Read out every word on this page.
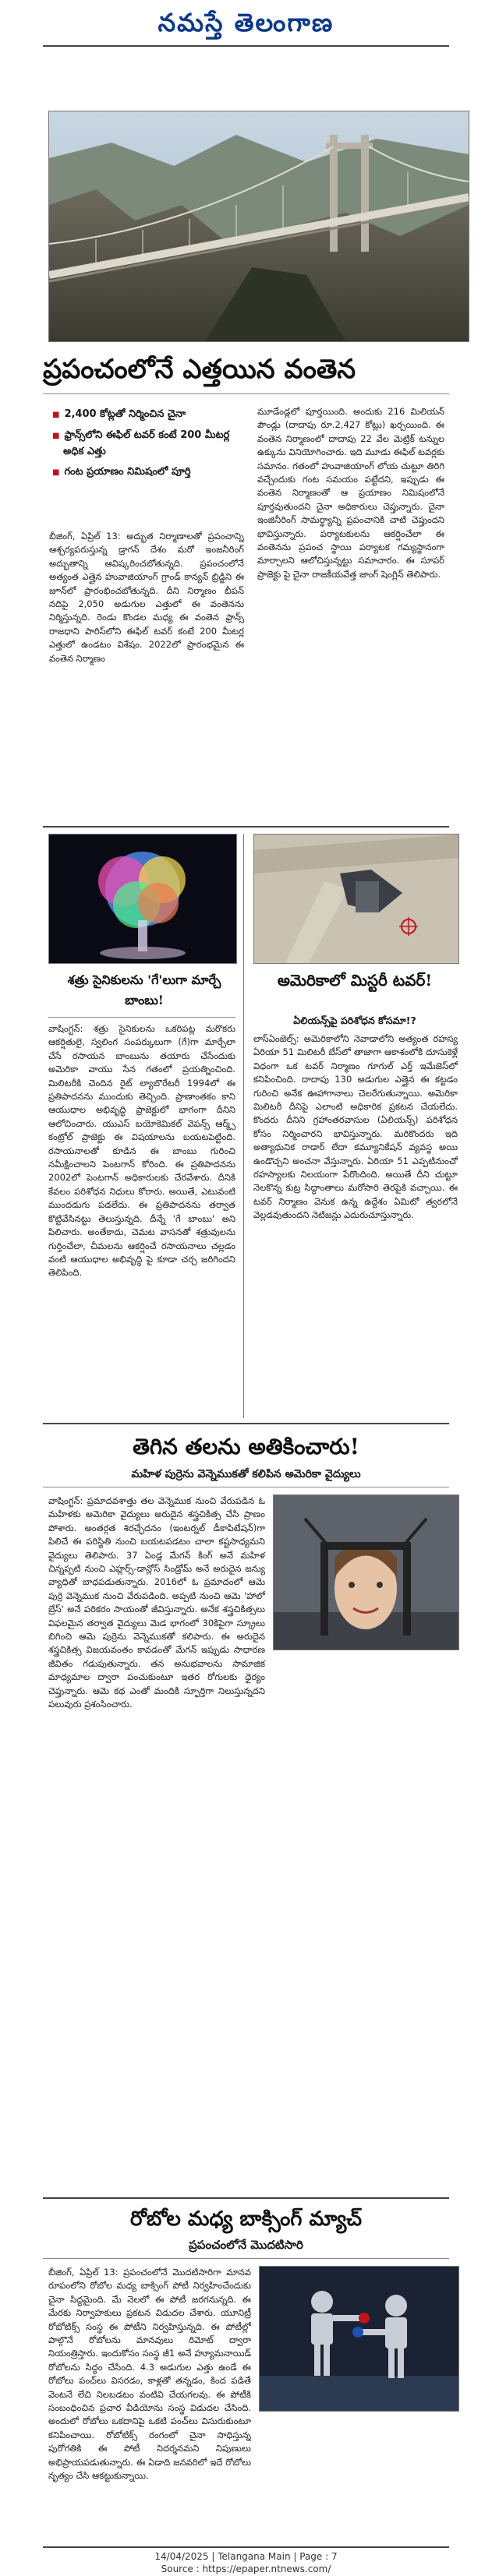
నమస్తే తెలంగాణ
ప్రపంచంలోనే ఎత్తయిన వంతెన
■ 2,400 కోట్లతో నిర్మించిన చైనా
■ ఫ్రాన్స్‌లోని ఈఫిల్ టవర్ కంటే 200 మీటర్ల అధిక ఎత్తు
■ గంట ప్రయాణం నిమిషంలో పూర్తి
బీజింగ్, ఏప్రిల్ 13: అద్భుత నిర్మాణాలతో ప్రపంచాన్ని ఆశ్చర్యపరుస్తున్న డ్రాగన్ దేశం మరో ఇంజనీరింగ్ అద్భుతాన్ని ఆవిష్కరించబోతున్నది. ప్రపంచంలోనే అత్యంత ఎత్తైన హువాజియాంగ్ గ్రాండ్ కాన్యన్ బ్రిడ్జిని ఈ జూన్‌లో ప్రారంభించబోతున్నది. దీని నిర్మాణం బీపన్ నదిపై 2,050 అడుగుల ఎత్తులో ఈ వంతెనను నిర్మిస్తున్నది. రెండు కొండల మధ్య ఈ వంతెన ఫ్రాన్స్ రాజధాని పారిస్‌లోని ఈఫిల్ టవర్ కంటే 200 మీటర్ల ఎత్తులో ఉండటం విశేషం. 2022లో ప్రారంభమైన ఈ వంతెన నిర్మాణం
మూడేండ్లలో పూర్తయింది. అందుకు 216 మిలియన్ పౌండ్లు (దాదాపు రూ.2,427 కోట్లు) ఖర్చయింది. ఈ వంతెన నిర్మాణంలో దాదాపు 22 వేల మెట్రిక్ టన్నుల ఉక్కును వినియోగించారు. ఇది మూడు ఈఫిల్ టవర్లకు సమానం. గతంలో హువాజియాంగ్ లోయ చుట్టూ తిరిగి వచ్చేందుకు గంట సమయం పట్టేదని, ఇప్పుడు ఈ వంతెన నిర్మాణంతో ఆ ప్రయాణం నిమిషంలోనే పూర్తవుతుందని చైనా అధికారులు చెప్తున్నారు. చైనా ఇంజినీరింగ్ సామర్థ్యాన్ని ప్రపంచానికి చాటి చెప్తుందని భావిస్తున్నారు. పర్యాటకులను ఆకర్షించేలా ఈ వంతెనను ప్రపంచ స్థాయి పర్యాటక గమ్యస్థానంగా మార్చాలని ఆలోచిస్తున్నట్టు సమాచారం. ఈ సూపర్ ప్రాజెక్టు పై చైనా రాజకీయవేత్త జాంగ్ షెంగ్లిన్ తెలిపారు.
శత్రు సైనికులను 'గే'లుగా మార్చే బాంబు!
వాషింగ్టన్: శత్రు సైనికులను ఒకరిపట్ల మరొకరు ఆకర్షితులై, స్వలింగ సంపర్కులుగా (గే)గా మార్చేలా చేసే రసాయన బాంబును తయారు చేసేందుకు అమెరికా వాయు సేన గతంలో ప్రయత్నించింది. మిలిటరీకి చెందిన రైట్ ల్యాబొరేటరీ 1994లో ఈ ప్రతిపాదనను ముందుకు తెచ్చింది. ప్రాణాంతకం కాని ఆయుధాల అభివృద్ధి ప్రాజెక్టులో భాగంగా దీనిని ఆలోచించారు. యుఎస్ బయోకెమికల్ వెపన్స్ ఆర్మ్స్ కంట్రోల్ ప్రాజెక్టు ఈ విషయాలను బయటపెట్టింది. రసాయనాలతో కూడిన ఈ బాంబు గురించి నమీక్షించాలని పెంటగాన్ కోరింది. ఈ ప్రతిపాదనను 2002లో పెంటగాన్ అధికారులకు చేరవేశారు. దీనికి కేవలం పరిశోధన నిధులు కోరారు. అయితే, ఎటువంటి ముందడుగు పడలేదు. ఈ ప్రతిపాదనను తర్వాత కొట్టివేసినట్టు తెలుస్తున్నది. దీన్నే 'గే బాంబు' అని పిలిచారు. అంతేకాదు, చెమట వాసనతో శత్రువులను గుర్తించేలా, చీమలను ఆకర్షించే రసాయనాలు చల్లడం వంటి ఆయుధాల అభివృద్ధి పై కూడా చర్చ జరిగిందని తెలిపింది.
అమెరికాలో మిస్టరీ టవర్!
ఏలియన్స్‌పై పరిశోధన కోసమా!?
లాస్ఏంజెల్స్: అమెరికాలోని నెవాడాలోని అత్యంత రహస్య ఏరియా 51 మిలిటరీ బేస్‌లో తాజాగా ఆకాశంలోకి దూసుకెళ్లే విధంగా ఒక టవర్ నిర్మాణం గూగుల్ ఎర్త్ ఇమేజెస్‌లో కనిపించింది. దాదాపు 130 అడుగుల ఎత్తైన ఈ కట్టడం గురించి అనేక ఊహాగానాలు చెలరేగుతున్నాయి. అమెరికా మిలిటరీ దీనిపై ఎలాంటి అధికారిక ప్రకటన చేయలేదు. కొందరు దీనిని గ్రహాంతరవాసుల (ఏలియన్స్) పరిశోధన కోసం నిర్మించారని భావిస్తున్నారు. మరికొందరు ఇది అత్యాధునిక రాడార్ లేదా కమ్యూనికేషన్ వ్యవస్థ అయి ఉండొచ్చని అంచనా వేస్తున్నారు. ఏరియా 51 ఎప్పటినుంచో రహస్యాలకు నిలయంగా పేరొందింది. అయితే దీని చుట్టూ నెలకొన్న కుట్ర సిద్ధాంతాలు మరోసారి తెరపైకి వచ్చాయి. ఈ టవర్ నిర్మాణం వెనుక ఉన్న ఉద్దేశం ఏమిటో త్వరలోనే వెల్లడవుతుందని నెటిజన్లు ఎదురుచూస్తున్నారు.
తెగిన తలను అతికించారు!
మహిళ పుర్రెను వెన్నెముకతో కలిపిన అమెరికా వైద్యులు
వాషింగ్టన్: ప్రమాదవశాత్తు తల వెన్నెముక నుంచి వేరుపడిన ఓ మహిళకు అమెరికా వైద్యులు అరుదైన శస్త్రచికిత్స చేసి ప్రాణం పోశారు. అంతర్గత శిరచ్ఛేదనం (ఇంటర్నల్ డీకాపిటేషన్)గా పిలిచే ఈ పరిస్థితి నుంచి బయటపడటం చాలా కష్టసాధ్యమని వైద్యులు తెలిపారు. 37 ఏండ్ల మేగన్ కింగ్ అనే మహిళ చిన్నప్పటి నుంచి ఎహ్లర్స్-డాన్లోస్ సిండ్రోమ్ అనే అరుదైన జన్యు వ్యాధితో బాధపడుతున్నారు. 2016లో ఓ ప్రమాదంలో ఆమె పుర్రె వెన్నెముక నుంచి వేరుపడింది. అప్పటి నుంచి ఆమె 'హాలో బ్రేస్' అనే పరికరం సాయంతో జీవిస్తున్నారు. అనేక శస్త్రచికిత్సలు విఫలమైన తర్వాత వైద్యులు మెడ భాగంలో 30కిపైగా స్క్రూలు బిగించి ఆమె పుర్రెను వెన్నెముకతో కలిపారు. ఈ అరుదైన శస్త్రచికిత్స విజయవంతం కావడంతో మేగన్ ఇప్పుడు సాధారణ జీవితం గడుపుతున్నారు. తన అనుభవాలను సామాజిక మాధ్యమాల ద్వారా పంచుకుంటూ ఇతర రోగులకు ధైర్యం చెప్తున్నారు. ఆమె కథ ఎంతో మందికి స్ఫూర్తిగా నిలుస్తున్నదని పలువురు ప్రశంసించారు.
రోబోల మధ్య బాక్సింగ్ మ్యాచ్
ప్రపంచంలోనే మొదటిసారి
బీజింగ్, ఏప్రిల్ 13: ప్రపంచంలోనే మొదటిసారిగా మానవ రూపంలోని రోబోల మధ్య బాక్సింగ్ పోటీ నిర్వహించేందుకు చైనా సిద్ధమైంది. మే నెలలో ఈ పోటీ జరగనున్నది. ఈ మేరకు నిర్వాహకులు ప్రకటన విడుదల చేశారు. యూనిట్రీ రోబోటిక్స్ సంస్థ ఈ పోటీని నిర్వహిస్తున్నది. ఈ పోటీల్లో పాల్గొనే రోబోలను మానవులు రిమోట్ ద్వారా నియంత్రిస్తారు. ఇందుకోసం సంస్థ జీ1 అనే హ్యూమనాయిడ్ రోబోలను సిద్ధం చేసింది. 4.3 అడుగుల ఎత్తు ఉండే ఈ రోబోలు పంచ్‌లు విసరడం, కాళ్లతో తన్నడం, కింద పడితే వెంటనే లేచి నిలబడటం వంటివి చేయగలవు. ఈ పోటీకి సంబంధించిన ప్రచార వీడియోను సంస్థ విడుదల చేసింది. అందులో రోబోలు ఒకదానిపై ఒకటి పంచ్‌లు విసురుకుంటూ కనిపించాయి. రోబోటిక్స్ రంగంలో చైనా సాధిస్తున్న పురోగతికి ఈ పోటీ నిదర్శనమని నిపుణులు అభిప్రాయపడుతున్నారు. ఈ ఏడాది జనవరిలో ఇదే రోబోలు నృత్యం చేసి ఆకట్టుకున్నాయి.
14/04/2025 | Telangana Main | Page : 7
Source : https://epaper.ntnews.com/
